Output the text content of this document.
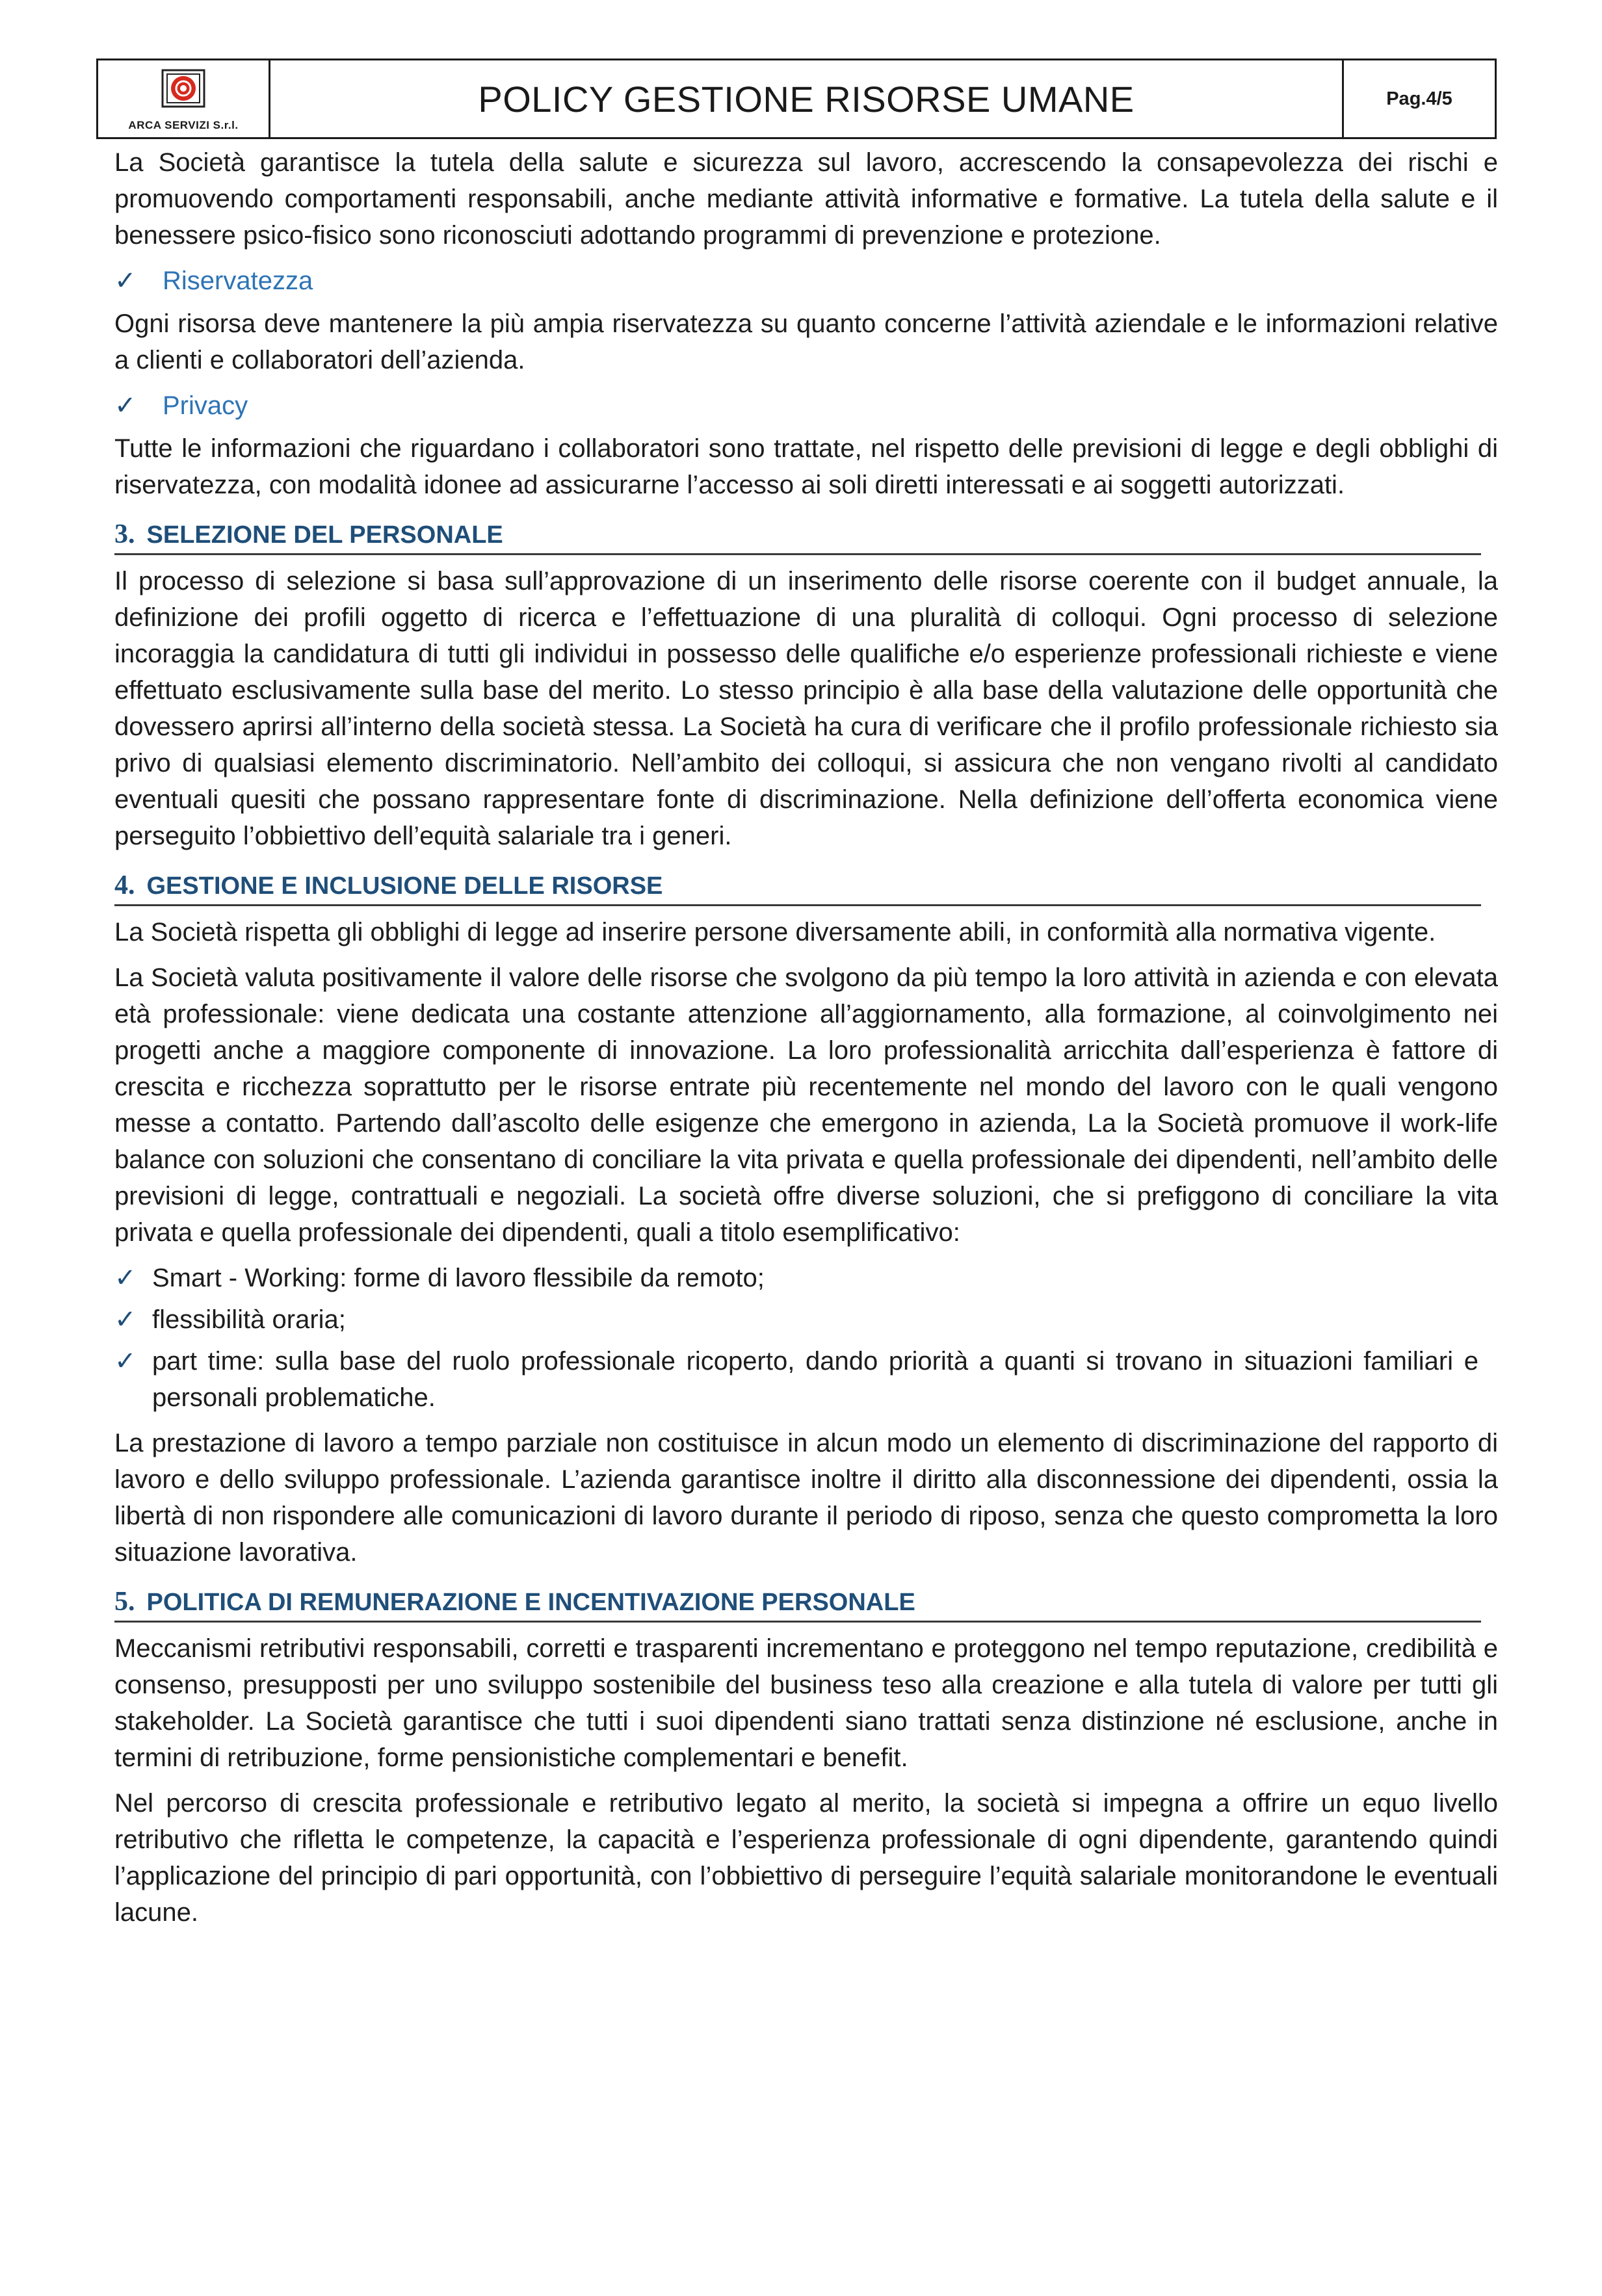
ARCA SERVIZI S.r.l.
POLICY GESTIONE RISORSE UMANE	Pag.4/5

La Società garantisce la tutela della salute e sicurezza sul lavoro, accrescendo la consapevolezza dei rischi e promuovendo comportamenti responsabili, anche mediante attività informative e formative. La tutela della salute e il benessere psico-fisico sono riconosciuti adottando programmi di prevenzione e protezione.

✓	Riservatezza

Ogni risorsa deve mantenere la più ampia riservatezza su quanto concerne l’attività aziendale e le informazioni relative a clienti e collaboratori dell’azienda.

✓	Privacy

Tutte le informazioni che riguardano i collaboratori sono trattate, nel rispetto delle previsioni di legge e degli obblighi di riservatezza, con modalità idonee ad assicurarne l’accesso ai soli diretti interessati e ai soggetti autorizzati.

3. SELEZIONE DEL PERSONALE

Il processo di selezione si basa sull’approvazione di un inserimento delle risorse coerente con il budget annuale, la definizione dei profili oggetto di ricerca e l’effettuazione di una pluralità di colloqui. Ogni processo di selezione incoraggia la candidatura di tutti gli individui in possesso delle qualifiche e/o esperienze professionali richieste e viene effettuato esclusivamente sulla base del merito. Lo stesso principio è alla base della valutazione delle opportunità che dovessero aprirsi all’interno della società stessa. La Società ha cura di verificare che il profilo professionale richiesto sia privo di qualsiasi elemento discriminatorio. Nell’ambito dei colloqui, si assicura che non vengano rivolti al candidato eventuali quesiti che possano rappresentare fonte di discriminazione. Nella definizione dell’offerta economica viene perseguito l’obbiettivo dell’equità salariale tra i generi.

4. GESTIONE E INCLUSIONE DELLE RISORSE

La Società rispetta gli obblighi di legge ad inserire persone diversamente abili, in conformità alla normativa vigente.

La Società valuta positivamente il valore delle risorse che svolgono da più tempo la loro attività in azienda e con elevata età professionale: viene dedicata una costante attenzione all’aggiornamento, alla formazione, al coinvolgimento nei progetti anche a maggiore componente di innovazione. La loro professionalità arricchita dall’esperienza è fattore di crescita e ricchezza soprattutto per le risorse entrate più recentemente nel mondo del lavoro con le quali vengono messe a contatto. Partendo dall’ascolto delle esigenze che emergono in azienda, La la Società promuove il work-life balance con soluzioni che consentano di conciliare la vita privata e quella professionale dei dipendenti, nell’ambito delle previsioni di legge, contrattuali e negoziali. La società offre diverse soluzioni, che si prefiggono di conciliare la vita privata e quella professionale dei dipendenti, quali a titolo esemplificativo:

✓ Smart - Working: forme di lavoro flessibile da remoto;
✓ flessibilità oraria;
✓ part time: sulla base del ruolo professionale ricoperto, dando priorità a quanti si trovano in situazioni familiari e personali problematiche.

La prestazione di lavoro a tempo parziale non costituisce in alcun modo un elemento di discriminazione del rapporto di lavoro e dello sviluppo professionale. L’azienda garantisce inoltre il diritto alla disconnessione dei dipendenti, ossia la libertà di non rispondere alle comunicazioni di lavoro durante il periodo di riposo, senza che questo comprometta la loro situazione lavorativa.

5. POLITICA DI REMUNERAZIONE E INCENTIVAZIONE PERSONALE

Meccanismi retributivi responsabili, corretti e trasparenti incrementano e proteggono nel tempo reputazione, credibilità e consenso, presupposti per uno sviluppo sostenibile del business teso alla creazione e alla tutela di valore per tutti gli stakeholder. La Società garantisce che tutti i suoi dipendenti siano trattati senza distinzione né esclusione, anche in termini di retribuzione, forme pensionistiche complementari e benefit.

Nel percorso di crescita professionale e retributivo legato al merito, la società si impegna a offrire un equo livello retributivo che rifletta le competenze, la capacità e l’esperienza professionale di ogni dipendente, garantendo quindi l’applicazione del principio di pari opportunità, con l’obbiettivo di perseguire l’equità salariale monitorandone le eventuali lacune.
